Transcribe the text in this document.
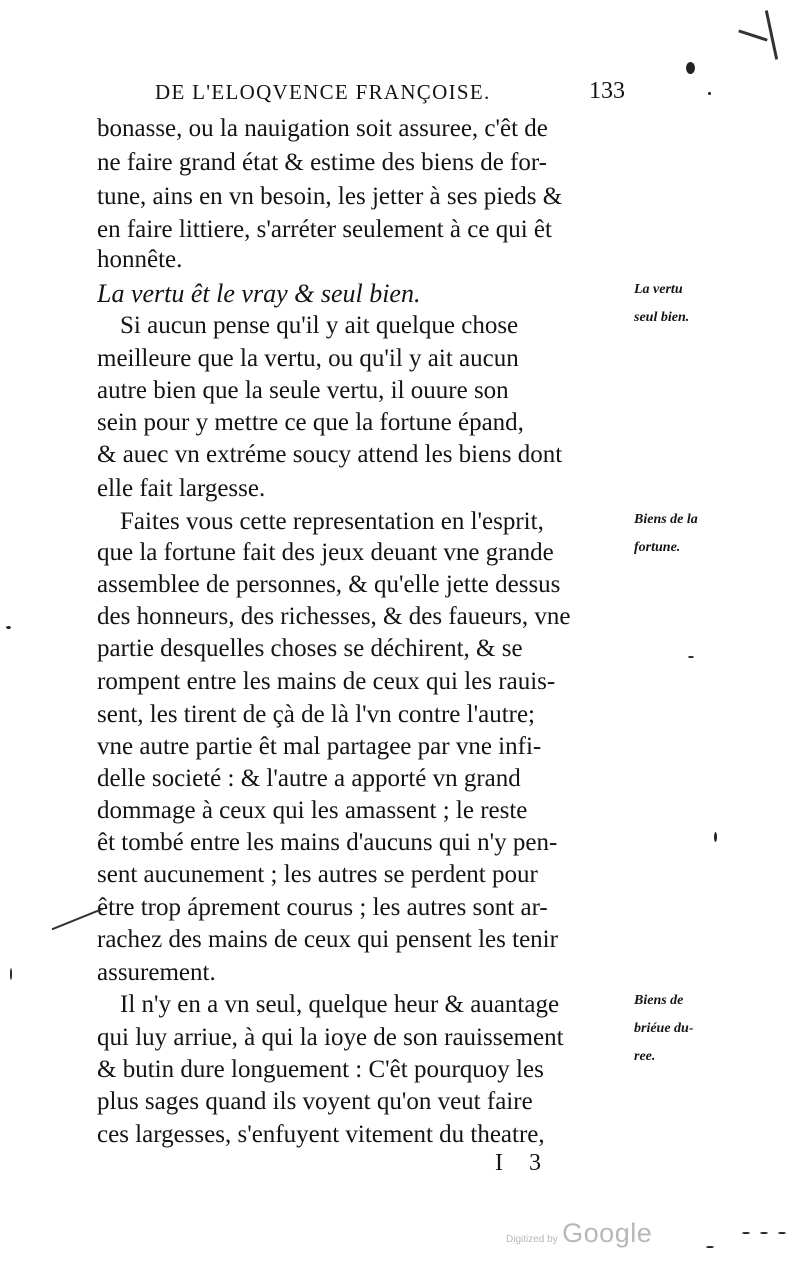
DE L'ELOQVENCE FRANÇOISE.	133
bonasse, ou la nauigation soit assuree, c'êt de
ne faire grand état & estime des biens de for-
tune, ains en vn besoin, les jetter à ses pieds &
en faire littiere, s'arréter seulement à ce qui êt
honnête.
La vertu êt le vray & seul bien.
Si aucun pense qu'il y ait quelque chose
meilleure que la vertu, ou qu'il y ait aucun
autre bien que la seule vertu, il ouure son
sein pour y mettre ce que la fortune épand,
& auec vn extréme soucy attend les biens dont
elle fait largesse.
Faites vous cette representation en l'esprit,
que la fortune fait des jeux deuant vne grande
assemblee de personnes, & qu'elle jette dessus
des honneurs, des richesses, & des faueurs, vne
partie desquelles choses se déchirent, & se
rompent entre les mains de ceux qui les rauis-
sent, les tirent de çà de là l'vn contre l'autre;
vne autre partie êt mal partagee par vne infi-
delle societé : & l'autre a apporté vn grand
dommage à ceux qui les amassent ; le reste
êt tombé entre les mains d'aucuns qui n'y pen-
sent aucunement ; les autres se perdent pour
être trop áprement courus ; les autres sont ar-
rachez des mains de ceux qui pensent les tenir
assurement.
Il n'y en a vn seul, quelque heur & auantage
qui luy arriue, à qui la ioye de son rauissement
& butin dure longuement : C'êt pourquoy les
plus sages quand ils voyent qu'on veut faire
ces largesses, s'enfuyent vitement du theatre,
La vertu
seul bien.
Biens de la
fortune.
Biens de
briéue du-
ree.
I 3
Digitized by Google
